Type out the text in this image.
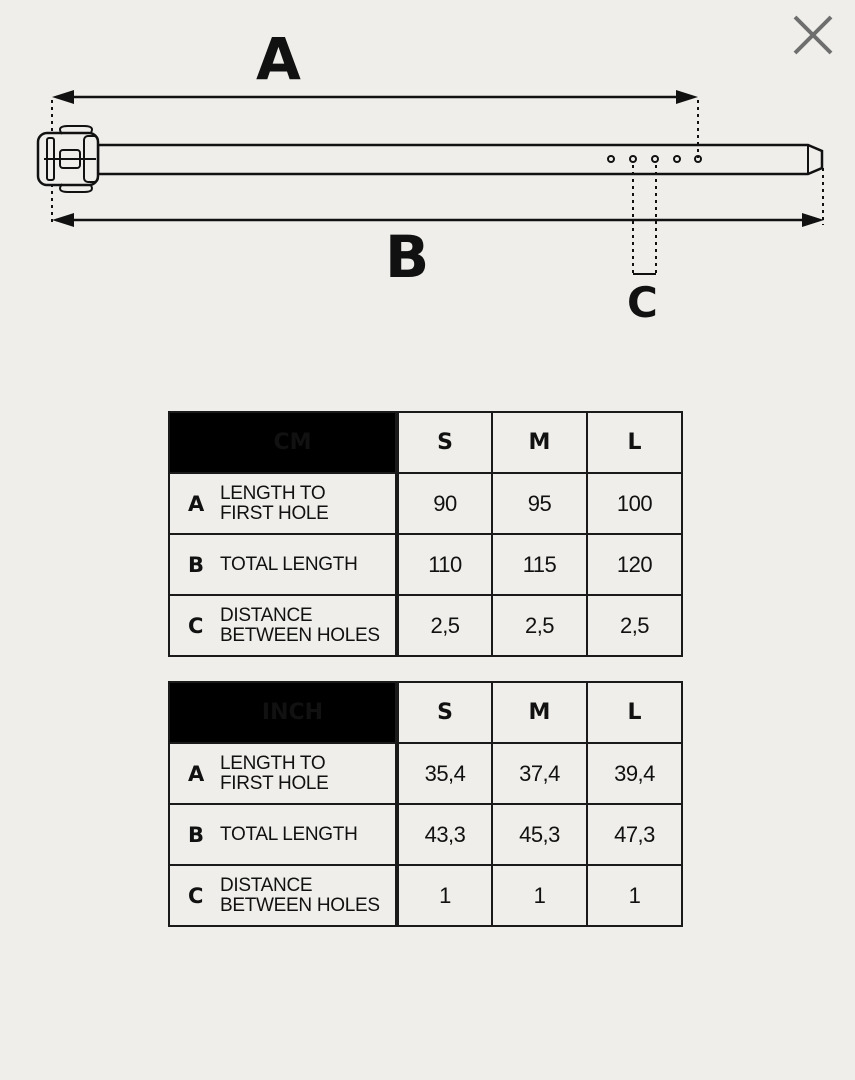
A
B
C
CM	S	M	L

A LENGTH TO
FIRST HOLE	90	95	100

B TOTAL LENGTH	110	115	120

C DISTANCE
BETWEEN HOLES	2,5	2,5	2,5
INCH	S	M	L

A LENGTH TO
FIRST HOLE	35,4	37,4	39,4

B TOTAL LENGTH	43,3	45,3	47,3

C DISTANCE
BETWEEN HOLES	1	1	1
